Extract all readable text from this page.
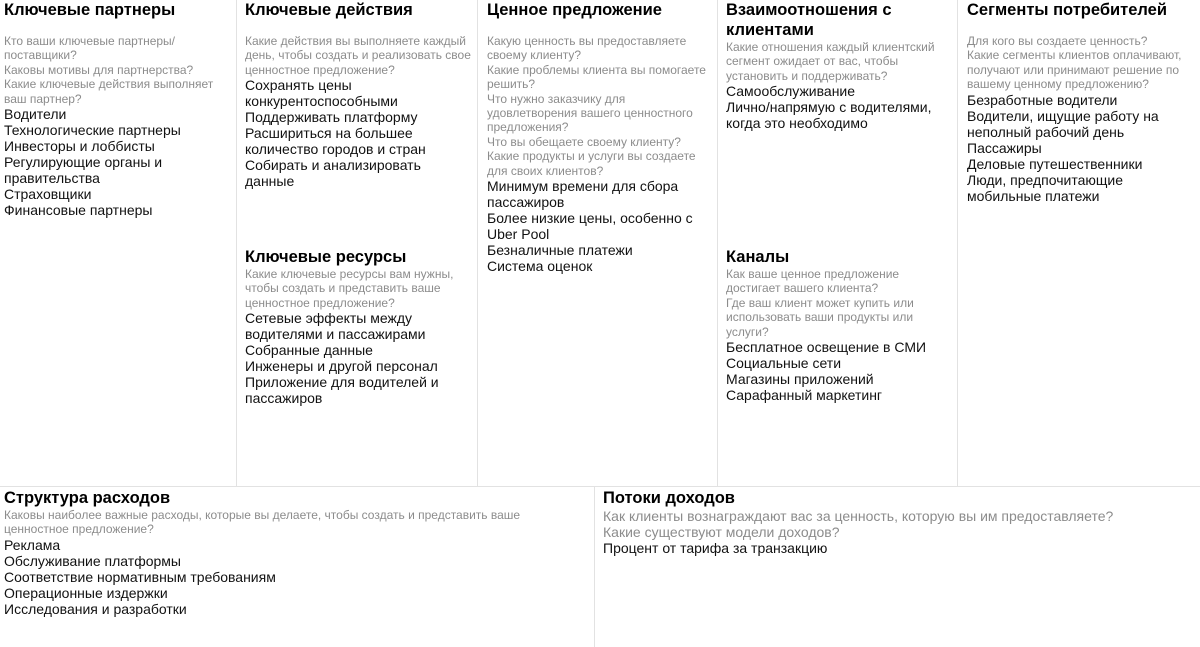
Ключевые партнеры

Кто ваши ключевые партнеры/поставщики?

Каковы мотивы для партнерства?

Какие ключевые действия выполняет ваш партнер?

Водители
Технологические партнеры
Инвесторы и лоббисты
Регулирующие органы и правительства
Страховщики
Финансовые партнеры
Ключевые действия

Какие действия вы выполняете каждый день, чтобы создать и реализовать свое ценностное предложение?

Сохранять цены конкурентоспособными
Поддерживать платформу
Расшириться на большее количество городов и стран
Собирать и анализировать данные
Ключевые ресурсы

Какие ключевые ресурсы вам нужны, чтобы создать и представить ваше ценностное предложение?

Сетевые эффекты между водителями и пассажирами
Собранные данные
Инженеры и другой персонал
Приложение для водителей и пассажиров
Ценное предложение

Какую ценность вы предоставляете своему клиенту?

Какие проблемы клиента вы помогаете решить?

Что нужно заказчику для удовлетворения вашего ценностного предложения?

Что вы обещаете своему клиенту?

Какие продукты и услуги вы создаете для своих клиентов?

Минимум времени для сбора пассажиров
Более низкие цены, особенно с Uber Pool
Безналичные платежи
Система оценок
Взаимоотношения с клиентами

Какие отношения каждый клиентский сегмент ожидает от вас, чтобы установить и поддерживать?

Самообслуживание
Лично/напрямую с водителями, когда это необходимо
Каналы

Как ваше ценное предложение достигает вашего клиента?

Где ваш клиент может купить или использовать ваши продукты или услуги?

Бесплатное освещение в СМИ
Социальные сети
Магазины приложений
Сарафанный маркетинг
Сегменты потребителей

Для кого вы создаете ценность?

Какие сегменты клиентов оплачивают, получают или принимают решение по вашему ценному предложению?

Безработные водители
Водители, ищущие работу на неполный рабочий день
Пассажиры
Деловые путешественники
Люди, предпочитающие мобильные платежи
Структура расходов

Каковы наиболее важные расходы, которые вы делаете, чтобы создать и представить ваше ценностное предложение?

Реклама
Обслуживание платформы
Соответствие нормативным требованиям
Операционные издержки
Исследования и разработки
Потоки доходов

Как клиенты вознаграждают вас за ценность, которую вы им предоставляете?

Какие существуют модели доходов?

Процент от тарифа за транзакцию
